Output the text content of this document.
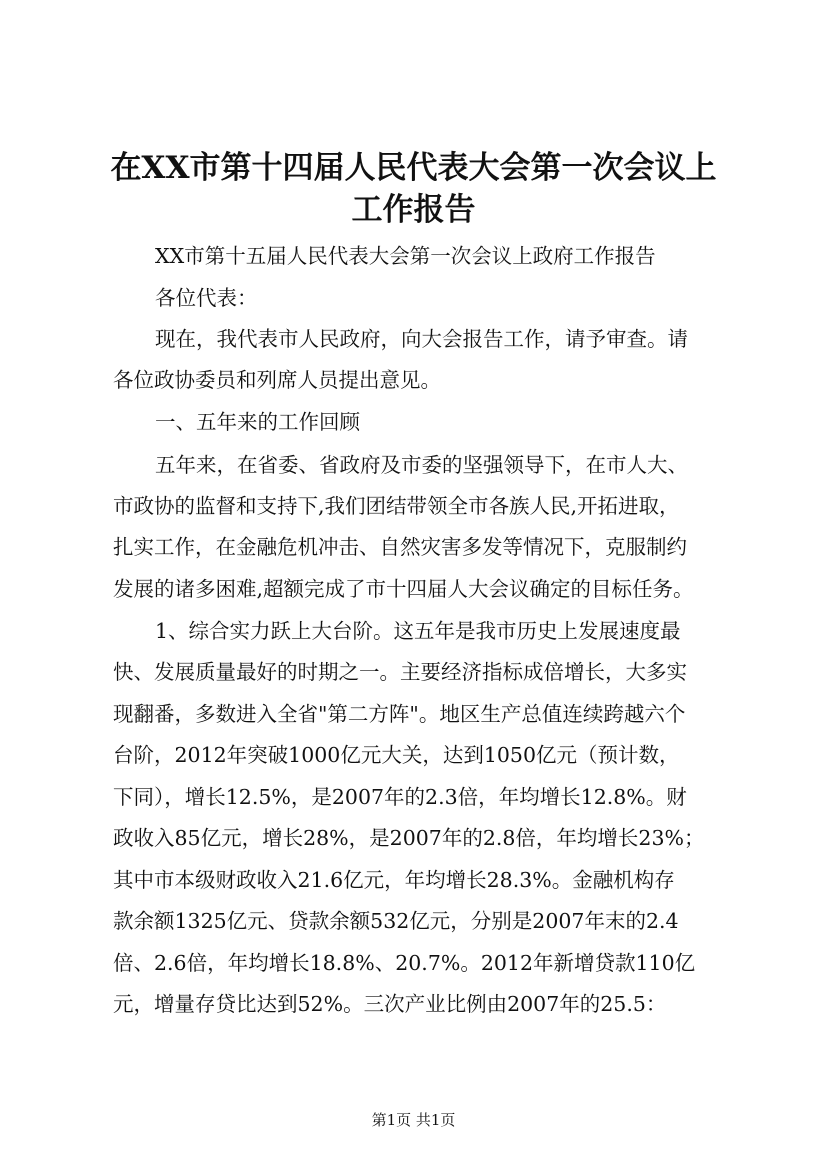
在XX市第十四届人民代表大会第一次会议上
工作报告
XX市第十五届人民代表大会第一次会议上政府工作报告
各位代表：
现在，我代表市人民政府，向大会报告工作，请予审查。请
各位政协委员和列席人员提出意见。
一、五年来的工作回顾
五年来，在省委、省政府及市委的坚强领导下，在市人大、
市政协的监督和支持下,我们团结带领全市各族人民,开拓进取，
扎实工作，在金融危机冲击、自然灾害多发等情况下，克服制约
发展的诸多困难,超额完成了市十四届人大会议确定的目标任务。
1、综合实力跃上大台阶。这五年是我市历史上发展速度最
快、发展质量最好的时期之一。主要经济指标成倍增长，大多实
现翻番，多数进入全省"第二方阵"。地区生产总值连续跨越六个
台阶，2012年突破1000亿元大关，达到1050亿元（预计数，
下同），增长12.5%，是2007年的2.3倍，年均增长12.8%。财
政收入85亿元，增长28%，是2007年的2.8倍，年均增长23%；
其中市本级财政收入21.6亿元，年均增长28.3%。金融机构存
款余额1325亿元、贷款余额532亿元，分别是2007年末的2.4
倍、2.6倍，年均增长18.8%、20.7%。2012年新增贷款110亿
元，增量存贷比达到52%。三次产业比例由2007年的25.5：
第1页 共1页
